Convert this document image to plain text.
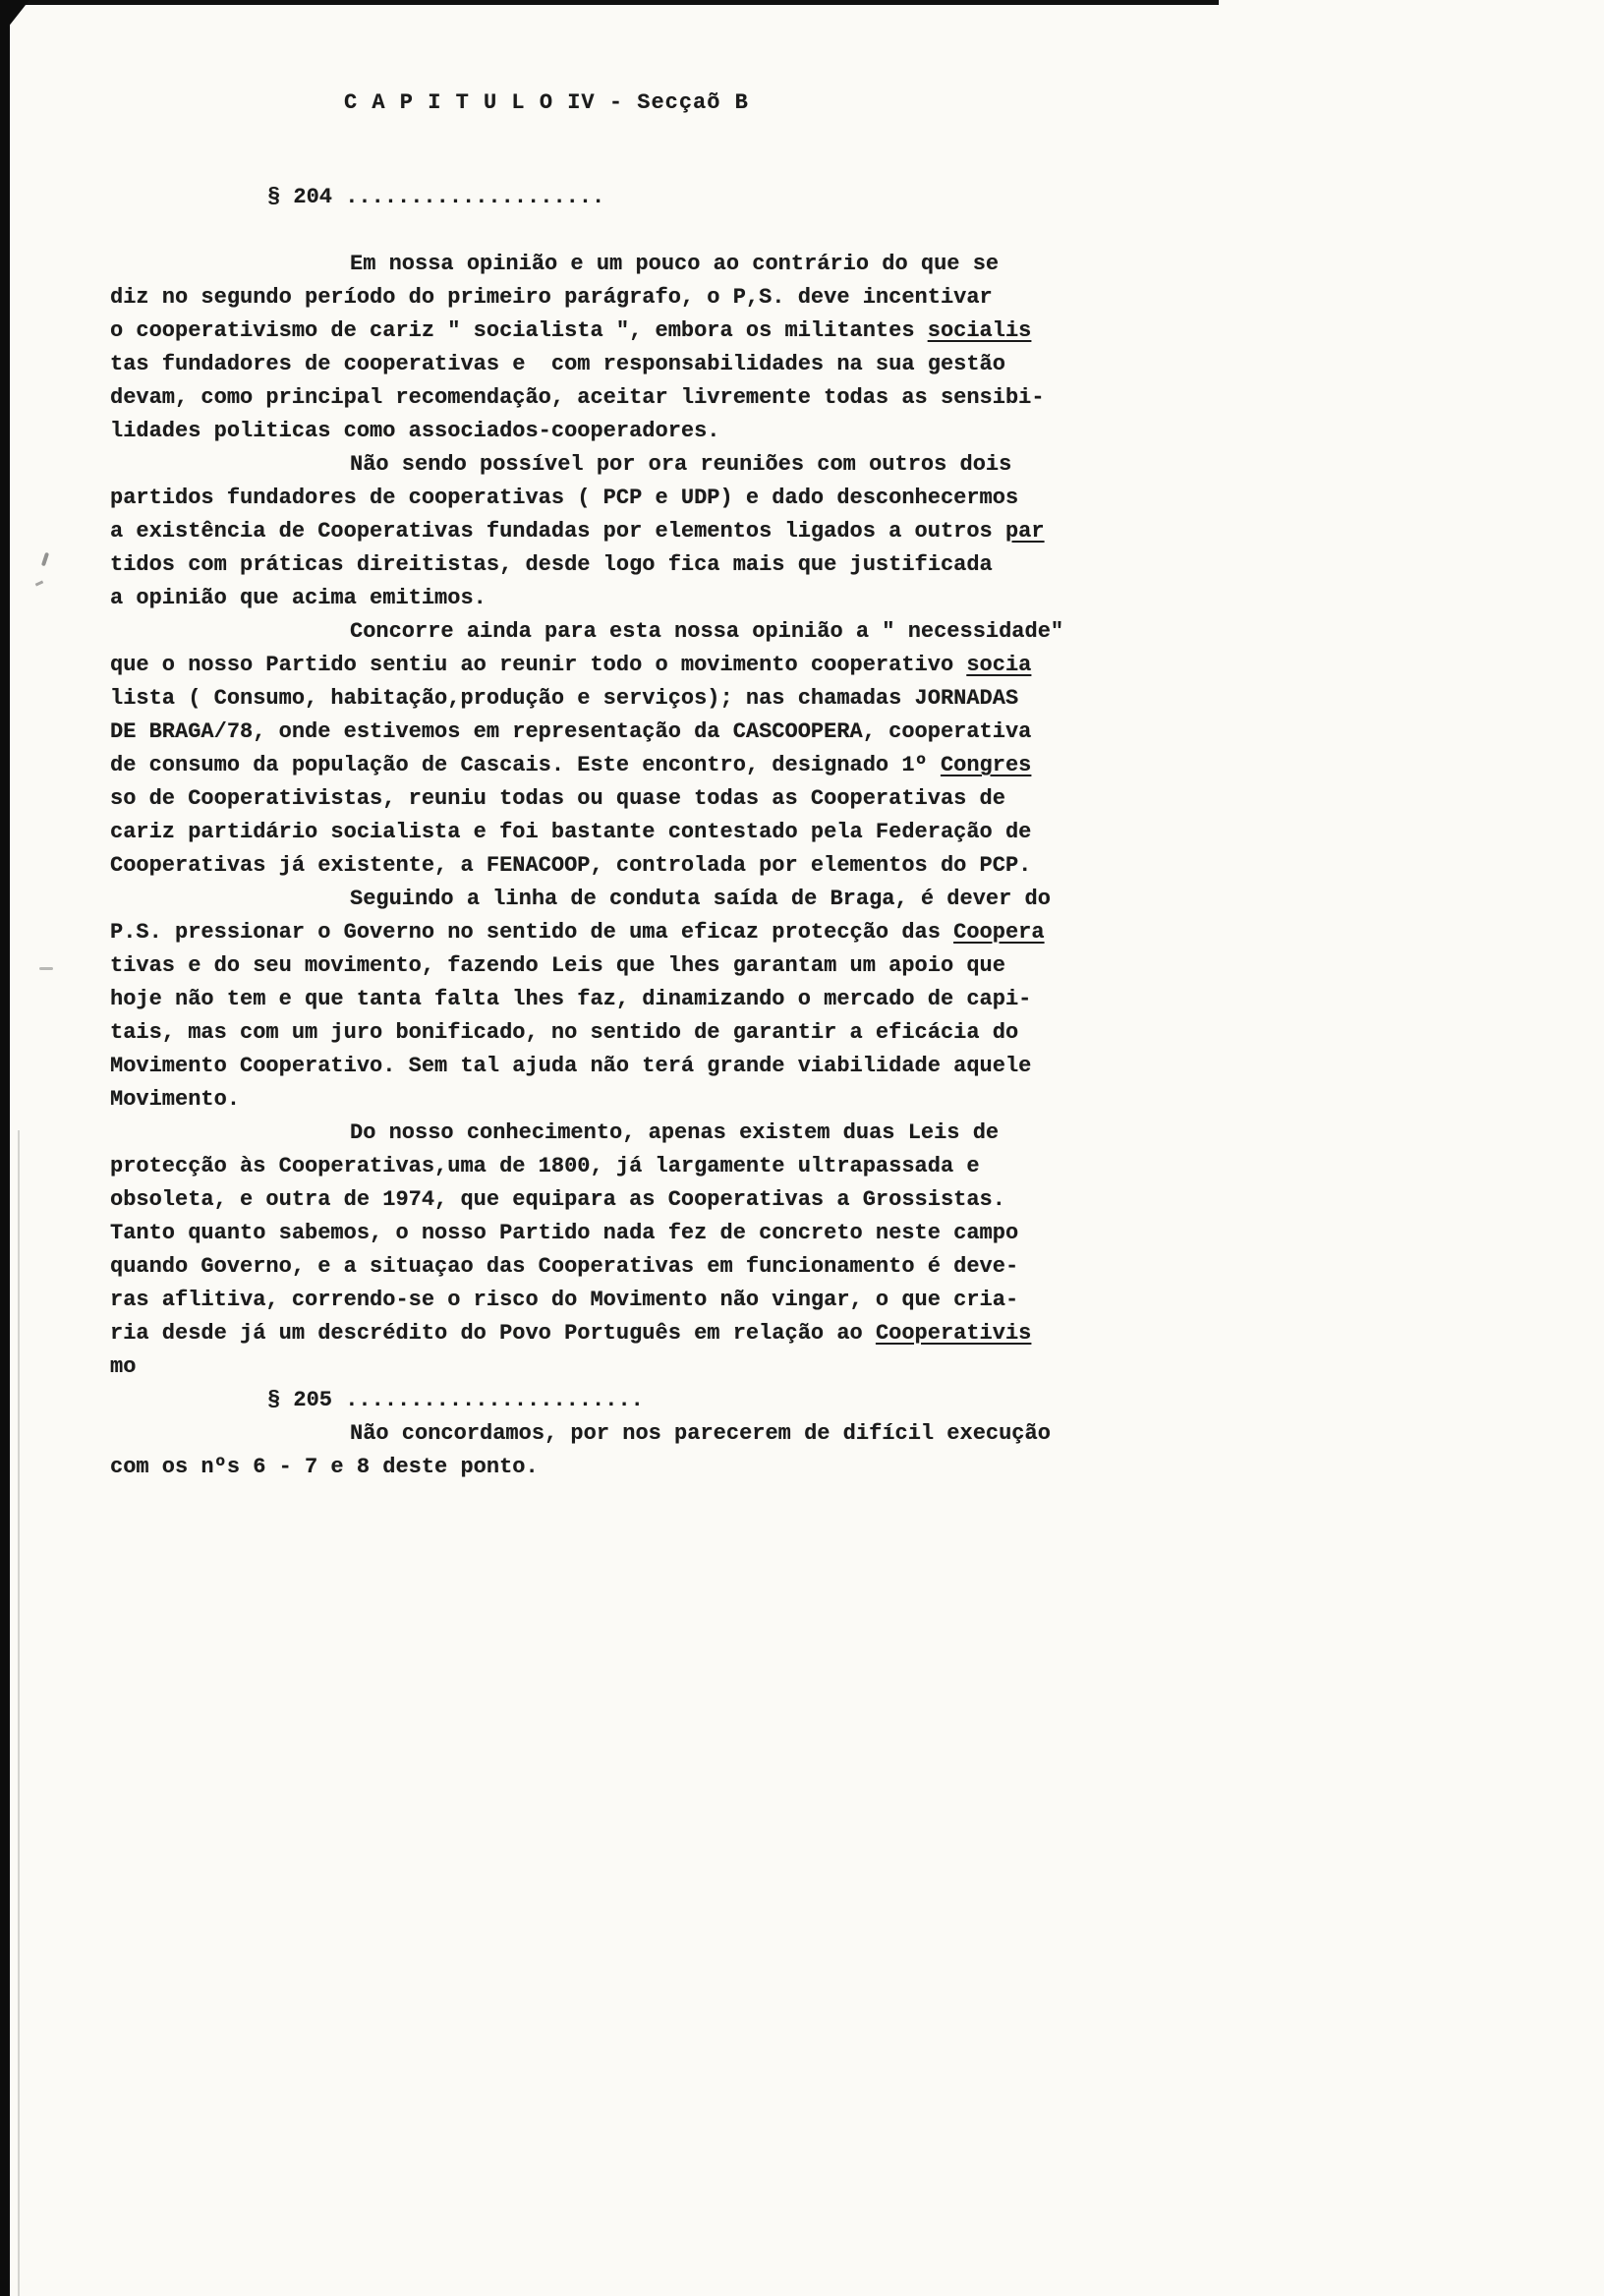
C A P I T U L O IV - Secçaõ B
§ 204 ....................
Em nossa opinião e um pouco ao contrário do que se
diz no segundo período do primeiro parágrafo, o P,S. deve incentivar
o cooperativismo de cariz " socialista ", embora os militantes socialis
tas fundadores de cooperativas e  com responsabilidades na sua gestão
devam, como principal recomendação, aceitar livremente todas as sensibi-
lidades politicas como associados-cooperadores.
Não sendo possível por ora reuniões com outros dois
partidos fundadores de cooperativas ( PCP e UDP) e dado desconhecermos
a existência de Cooperativas fundadas por elementos ligados a outros par
tidos com práticas direitistas, desde logo fica mais que justificada
a opinião que acima emitimos.
Concorre ainda para esta nossa opinião a " necessidade"
que o nosso Partido sentiu ao reunir todo o movimento cooperativo socia
lista ( Consumo, habitação,produção e serviços); nas chamadas JORNADAS
DE BRAGA/78, onde estivemos em representação da CASCOOPERA, cooperativa
de consumo da população de Cascais. Este encontro, designado 1º Congres
so de Cooperativistas, reuniu todas ou quase todas as Cooperativas de
cariz partidário socialista e foi bastante contestado pela Federação de
Cooperativas já existente, a FENACOOP, controlada por elementos do PCP.
Seguindo a linha de conduta saída de Braga, é dever do
P.S. pressionar o Governo no sentido de uma eficaz protecção das Coopera
tivas e do seu movimento, fazendo Leis que lhes garantam um apoio que
hoje não tem e que tanta falta lhes faz, dinamizando o mercado de capi-
tais, mas com um juro bonificado, no sentido de garantir a eficácia do
Movimento Cooperativo. Sem tal ajuda não terá grande viabilidade aquele
Movimento.
Do nosso conhecimento, apenas existem duas Leis de
protecção às Cooperativas,uma de 1800, já largamente ultrapassada e
obsoleta, e outra de 1974, que equipara as Cooperativas a Grossistas.
Tanto quanto sabemos, o nosso Partido nada fez de concreto neste campo
quando Governo, e a situaçao das Cooperativas em funcionamento é deve-
ras aflitiva, correndo-se o risco do Movimento não vingar, o que cria-
ria desde já um descrédito do Povo Português em relação ao Cooperativis
mo
§ 205 .......................
Não concordamos, por nos parecerem de difícil execução
com os nºs 6 - 7 e 8 deste ponto.
